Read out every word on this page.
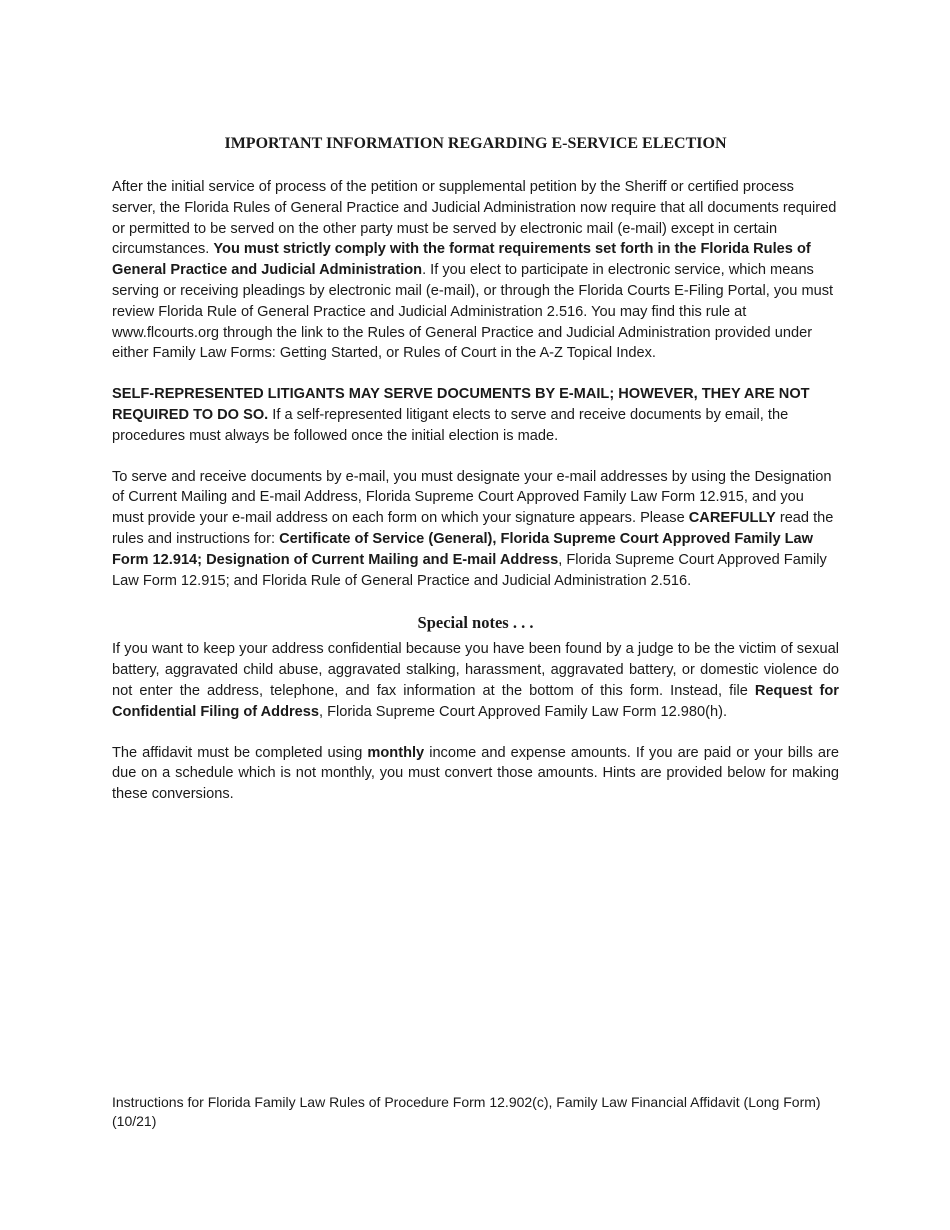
IMPORTANT INFORMATION REGARDING E-SERVICE ELECTION

After the initial service of process of the petition or supplemental petition by the Sheriff or certified process server, the Florida Rules of General Practice and Judicial Administration now require that all documents required or permitted to be served on the other party must be served by electronic mail (e-mail) except in certain circumstances. You must strictly comply with the format requirements set forth in the Florida Rules of General Practice and Judicial Administration. If you elect to participate in electronic service, which means serving or receiving pleadings by electronic mail (e-mail), or through the Florida Courts E-Filing Portal, you must review Florida Rule of General Practice and Judicial Administration 2.516. You may find this rule at www.flcourts.org through the link to the Rules of General Practice and Judicial Administration provided under either Family Law Forms: Getting Started, or Rules of Court in the A-Z Topical Index.

SELF-REPRESENTED LITIGANTS MAY SERVE DOCUMENTS BY E-MAIL; HOWEVER, THEY ARE NOT REQUIRED TO DO SO. If a self-represented litigant elects to serve and receive documents by email, the procedures must always be followed once the initial election is made.

To serve and receive documents by e-mail, you must designate your e-mail addresses by using the Designation of Current Mailing and E-mail Address, Florida Supreme Court Approved Family Law Form 12.915, and you must provide your e-mail address on each form on which your signature appears. Please CAREFULLY read the rules and instructions for: Certificate of Service (General), Florida Supreme Court Approved Family Law Form 12.914; Designation of Current Mailing and E-mail Address, Florida Supreme Court Approved Family Law Form 12.915; and Florida Rule of General Practice and Judicial Administration 2.516.

Special notes . . .

If you want to keep your address confidential because you have been found by a judge to be the victim of sexual battery, aggravated child abuse, aggravated stalking, harassment, aggravated battery, or domestic violence do not enter the address, telephone, and fax information at the bottom of this form. Instead, file Request for Confidential Filing of Address, Florida Supreme Court Approved Family Law Form 12.980(h).

The affidavit must be completed using monthly income and expense amounts. If you are paid or your bills are due on a schedule which is not monthly, you must convert those amounts. Hints are provided below for making these conversions.

Instructions for Florida Family Law Rules of Procedure Form 12.902(c), Family Law Financial Affidavit (Long Form) (10/21)
